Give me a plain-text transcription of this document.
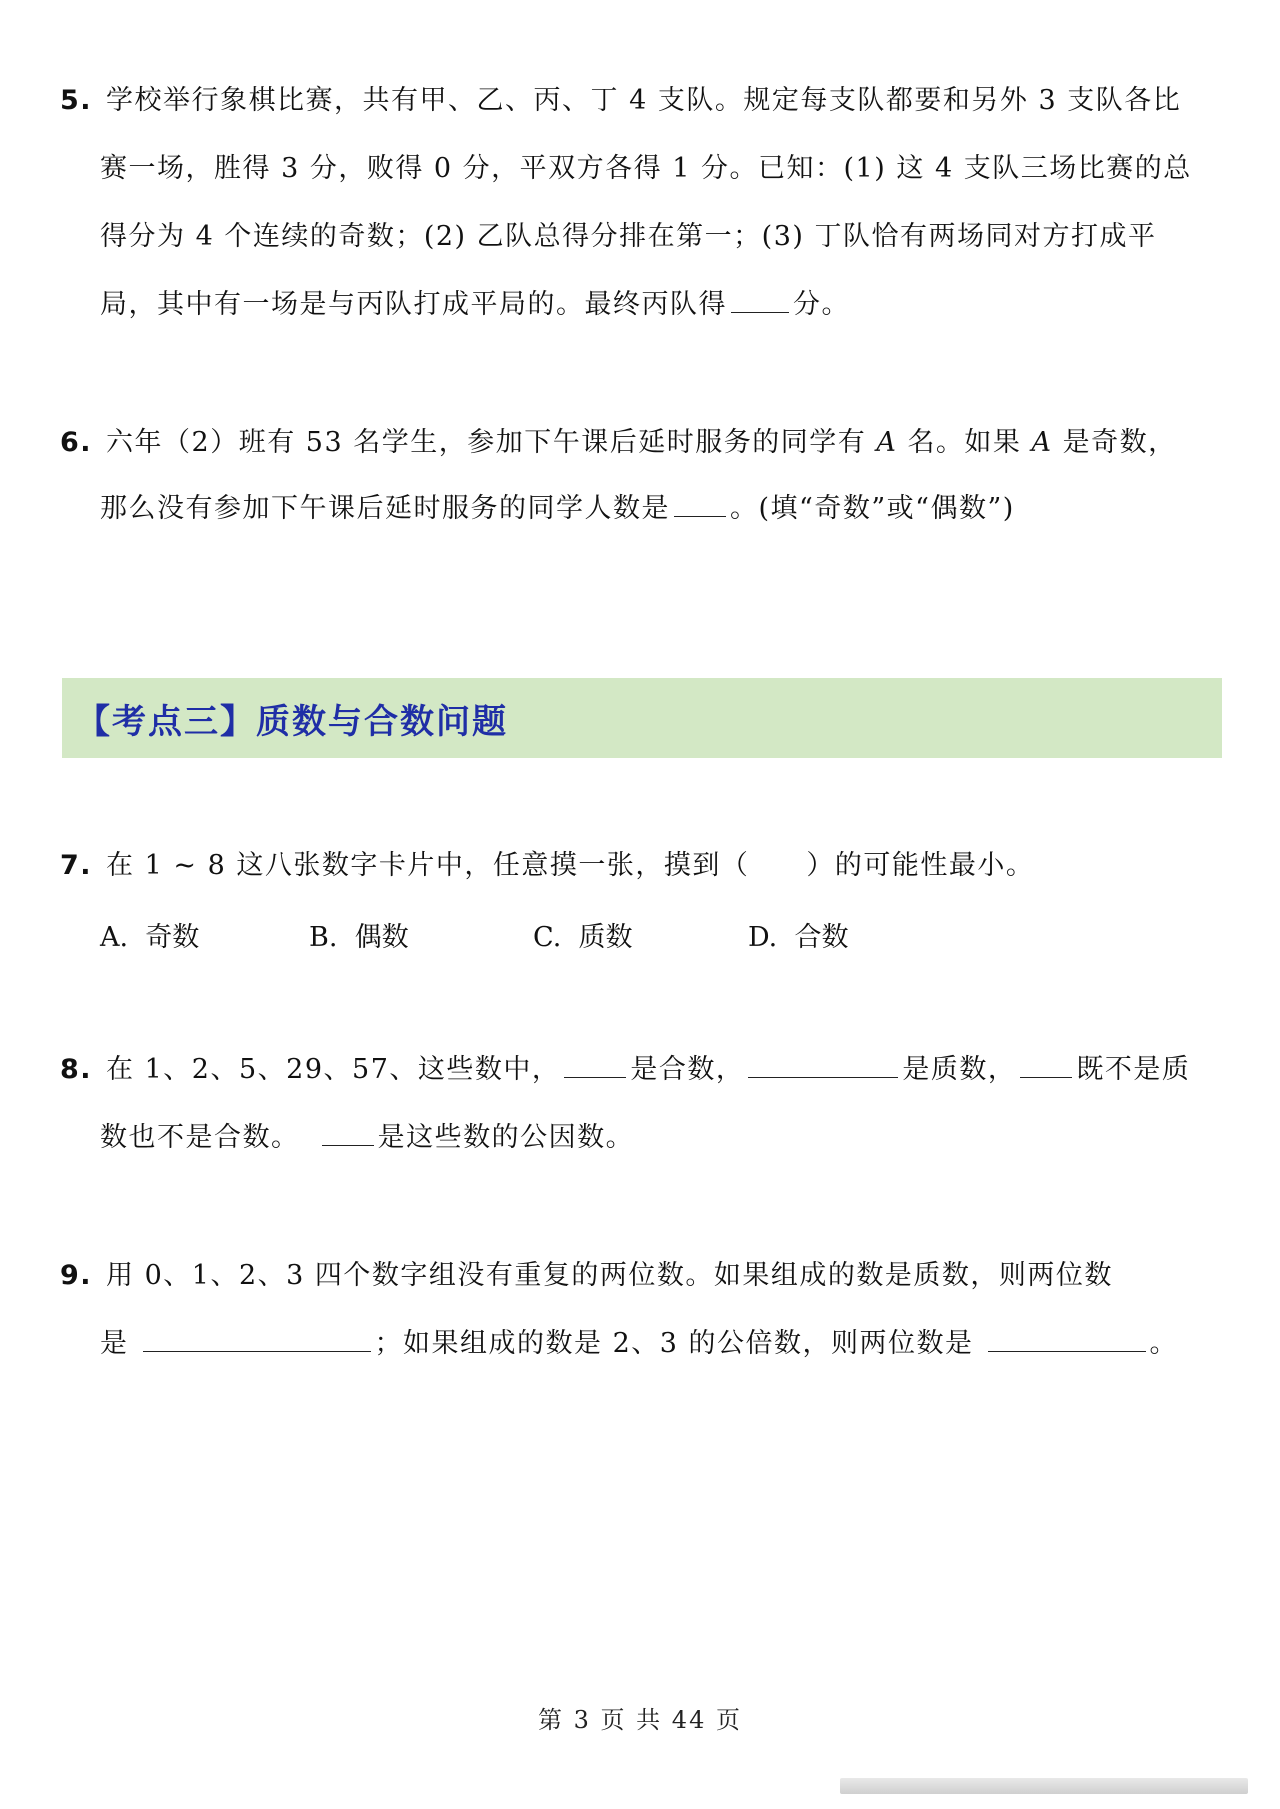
5. 学校举行象棋比赛，共有甲、乙、丙、丁 4 支队。规定每支队都要和另外 3 支队各比
赛一场，胜得 3 分，败得 0 分，平双方各得 1 分。已知：(1) 这 4 支队三场比赛的总
得分为 4 个连续的奇数；(2) 乙队总得分排在第一；(3) 丁队恰有两场同对方打成平
局，其中有一场是与丙队打成平局的。最终丙队得 分。
6. 六年（2）班有 53 名学生，参加下午课后延时服务的同学有 A 名。如果 A 是奇数，
那么没有参加下午课后延时服务的同学人数是 。(填“奇数”或“偶数”)
【考点三】质数与合数问题
7. 在 1 ~ 8 这八张数字卡片中，任意摸一张，摸到（　　）的可能性最小。
A. 奇数	B. 偶数	C. 质数	D. 合数
8. 在 1、2、5、29、57、这些数中，	是合数，	是质数， 既不是质
数也不是合数。	是这些数的公因数。
9. 用 0、1、2、3 四个数字组没有重复的两位数。如果组成的数是质数，则两位数
是	；如果组成的数是 2、3 的公倍数，则两位数是	。
第 3 页 共 44 页
